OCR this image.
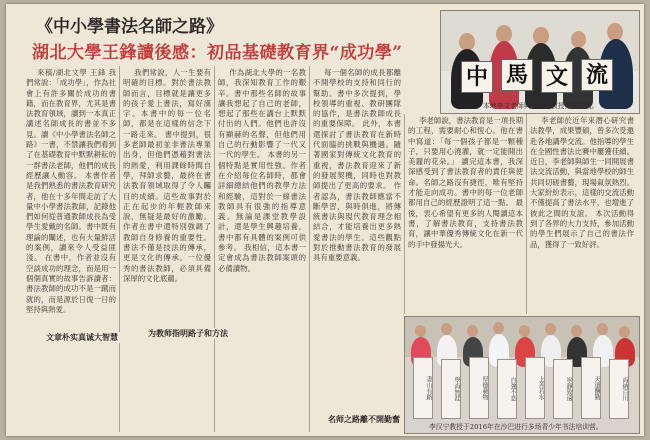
《中小學書法名師之路》
湖北大學王鋒讀後感：初品基礎教育界“成功學”

來稿/湖北文學 王鋒 我們常說：「成功學」，作為社會上有許多關於成功的書籍，而在教育界，尤其是書法教育領域，讀到一本真正講述名師成長的書並不多見。讀《中小學書法名師之路》一書，不禁讓我們看到了在基礎教育中默默耕耘的一群書法老師，他們的成長經歷讓人動容。 本書作者是我們熟悉的書法教育研究者，他在十多年間走訪了大量中小學書法教師，記錄他們如何從普通教師成長為受學生愛戴的名師。書中既有理論的闡述，也有大量鮮活的案例，讀來令人受益匪淺。 在書中，作者並沒有空談成功的理念，而是用一個個真實的故事告訴讀者：書法教師的成功不是一蹴而就的，而是源於日復一日的堅持與熱愛。

我們常說，人一生要有明確的目標。對於書法教師而言，目標就是讓更多的孩子愛上書法，寫好漢字。本書中的每一位名師，都是在這樣的信念下一路走來。 書中提到，很多老師最初並非書法專業出身，但他們憑藉對書法的熱愛，利用課餘時間自學，拜師求藝，最終在書法教育領域取得了令人矚目的成績。這些故事對於正在起步的年輕教師來說，無疑是最好的激勵。 作者在書中還特別強調了教師自身修養的重要性。書法不僅是技法的傳承，更是文化的傳承。一位優秀的書法教師，必須具備深厚的文化底蘊。

作為湖北大學的一名教師，我深知教育工作的艱辛。書中那些名師的故事讓我想起了自己的老師，想起了那些在講台上默默付出的人們。他們也許沒有顯赫的名聲，但他們用自己的行動影響了一代又一代的學生。 本書的另一個特點是實用性強。作者在介紹每位名師時，都會詳細總結他們的教學方法和經驗，這對於一線書法教師具有很強的指導意義。無論是課堂教學設計，還是學生興趣培養，書中都有具體的案例可供參考。 我相信，這本書一定會成為書法教師案頭的必備讀物。

每一個名師的成長都離不開學校的支持和同行的幫助。書中多次提到，學校領導的重視、教研團隊的協作，是書法教師成長的重要保障。 此外，本書還探討了書法教育在新時代面臨的挑戰與機遇。隨著國家對傳統文化教育的重視，書法教育迎來了新的發展契機，同時也對教師提出了更高的要求。 作者認為，書法教師應當不斷學習，與時俱進，將傳統書法與現代教育理念相結合，才能培養出更多熱愛書法的學生。這些觀點對於推動書法教育的發展具有重要意義。

李老師說，書法教育是一項長期的工程，需要耐心和恆心。他在書中寫道：「每一個孩子都是一顆種子，只要用心澆灌，就一定能開出美麗的花朵。」 讀完這本書，我深深感受到了書法教育者的責任與使命。名師之路沒有捷徑，唯有堅持才能走向成功。書中的每一位老師都用自己的經歷證明了這一點。 最後，衷心希望有更多的人閱讀這本書，了解書法教育，支持書法教育，讓中華優秀傳統文化在新一代的手中發揚光大。

李老師於近年來潛心研究書法教學，成果豐碩，曾多次受邀赴各地講學交流。他指導的學生在全國性書法比賽中屢獲佳績。 近日，李老師與師生一同開展書法交流活動，與當地學校的師生共同切磋書藝，現場氣氛熱烈。大家紛紛表示，這樣的交流活動不僅提高了書法水平，也增進了彼此之間的友誼。 本次活動得到了各界的大力支持，參加活動的學生們展示了自己的書法作品，獲得了一致好評。

文章朴实真诚大智慧	为教师指明路子和方法
名师之路離不開勤奮
中 馬 文 流
本地李文老師與李汉宁教授作品交流。
書山有路	學海無涯	厚德載物	自強不息	上善若水	寧靜致遠	天道酬勤	海納百川
李汉宁教授于2016年在沙巴进行多场青少年书法培训营。
